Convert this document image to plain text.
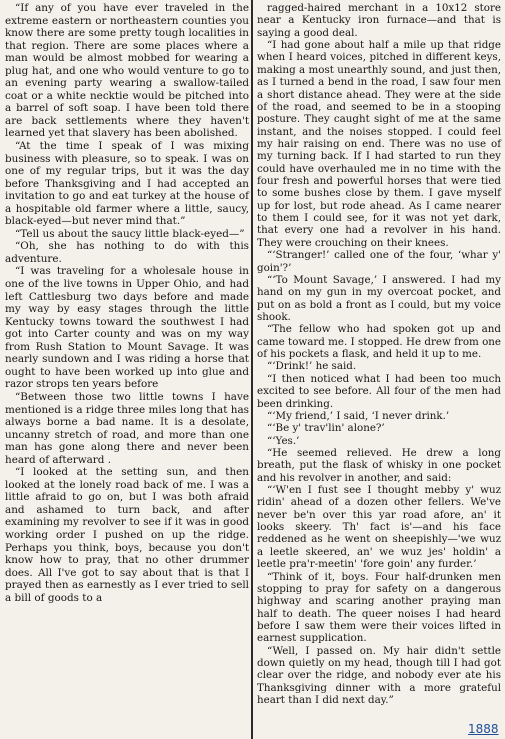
“If any of you have ever traveled in the extreme eastern or northeastern counties you know there are some pretty tough localities in that region. There are some places where a man would be almost mobbed for wearing a plug hat, and one who would venture to go to an evening party wearing a swallow-tailed coat or a white necktie would be pitched into a barrel of soft soap. I have been told there are back settlements where they haven't learned yet that slavery has been abolished.

“At the time I speak of I was mixing business with pleasure, so to speak. I was on one of my regular trips, but it was the day before Thanksgiving and I had accepted an invitation to go and eat turkey at the house of a hospitable old farmer where a little, saucy, black-eyed—but never mind that.”

“Tell us about the saucy little black-eyed—”

“Oh, she has nothing to do with this adventure.

“I was traveling for a wholesale house in one of the live towns in Upper Ohio, and had left Cattlesburg two days before and made my way by easy stages through the little Kentucky towns toward the southwest I had got into Carter county and was on my way from Rush Station to Mount Savage. It was nearly sundown and I was riding a horse that ought to have been worked up into glue and razor strops ten years before

“Between those two little towns I have mentioned is a ridge three miles long that has always borne a bad name. It is a desolate, uncanny stretch of road, and more than one man has gone along there and never been heard of afterward .

“I looked at the setting sun, and then looked at the lonely road back of me. I was a little afraid to go on, but I was both afraid and ashamed to turn back, and after examining my revolver to see if it was in good working order I pushed on up the ridge. Perhaps you think, boys, because you don't know how to pray, that no other drummer does. All I've got to say about that is that I prayed then as earnestly as I ever tried to sell a bill of goods to a

ragged-haired merchant in a 10x12 store near a Kentucky iron furnace—and that is saying a good deal.

“I had gone about half a mile up that ridge when I heard voices, pitched in different keys, making a most unearthly sound, and just then, as I turned a bend in the road, I saw four men a short distance ahead. They were at the side of the road, and seemed to be in a stooping posture. They caught sight of me at the same instant, and the noises stopped. I could feel my hair raising on end. There was no use of my turning back. If I had started to run they could have overhauled me in no time with the four fresh and powerful horses that were tied to some bushes close by them. I gave myself up for lost, but rode ahead. As I came nearer to them I could see, for it was not yet dark, that every one had a revolver in his hand. They were crouching on their knees.

“‘Stranger!’ called one of the four, ‘whar y' goin'?’

“‘To Mount Savage,’ I answered. I had my hand on my gun in my overcoat pocket, and put on as bold a front as I could, but my voice shook.

“The fellow who had spoken got up and came toward me. I stopped. He drew from one of his pockets a flask, and held it up to me.

“‘Drink!’ he said.

“I then noticed what I had been too much excited to see before. All four of the men had been drinking.

“‘My friend,’ I said, ‘I never drink.’

“‘Be y' trav'lin' alone?’

“‘Yes.’

“He seemed relieved. He drew a long breath, put the flask of whisky in one pocket and his revolver in another, and said:

“‘W'en I fust see I thought mebby y' wuz ridin' ahead of a dozen other fellers. We've never be'n over this yar road afore, an' it looks skeery. Th' fact is'—and his face reddened as he went on sheepishly—'we wuz a leetle skeered, an' we wuz jes' holdin' a leetle pra'r-meetin' 'fore goin' any furder.’

“Think of it, boys. Four half-drunken men stopping to pray for safety on a dangerous highway and scaring another praying man half to death. The queer noises I had heard before I saw them were their voices lifted in earnest supplication.

“Well, I passed on. My hair didn't settle down quietly on my head, though till I had got clear over the ridge, and nobody ever ate his Thanksgiving dinner with a more grateful heart than I did next day.”

1888
